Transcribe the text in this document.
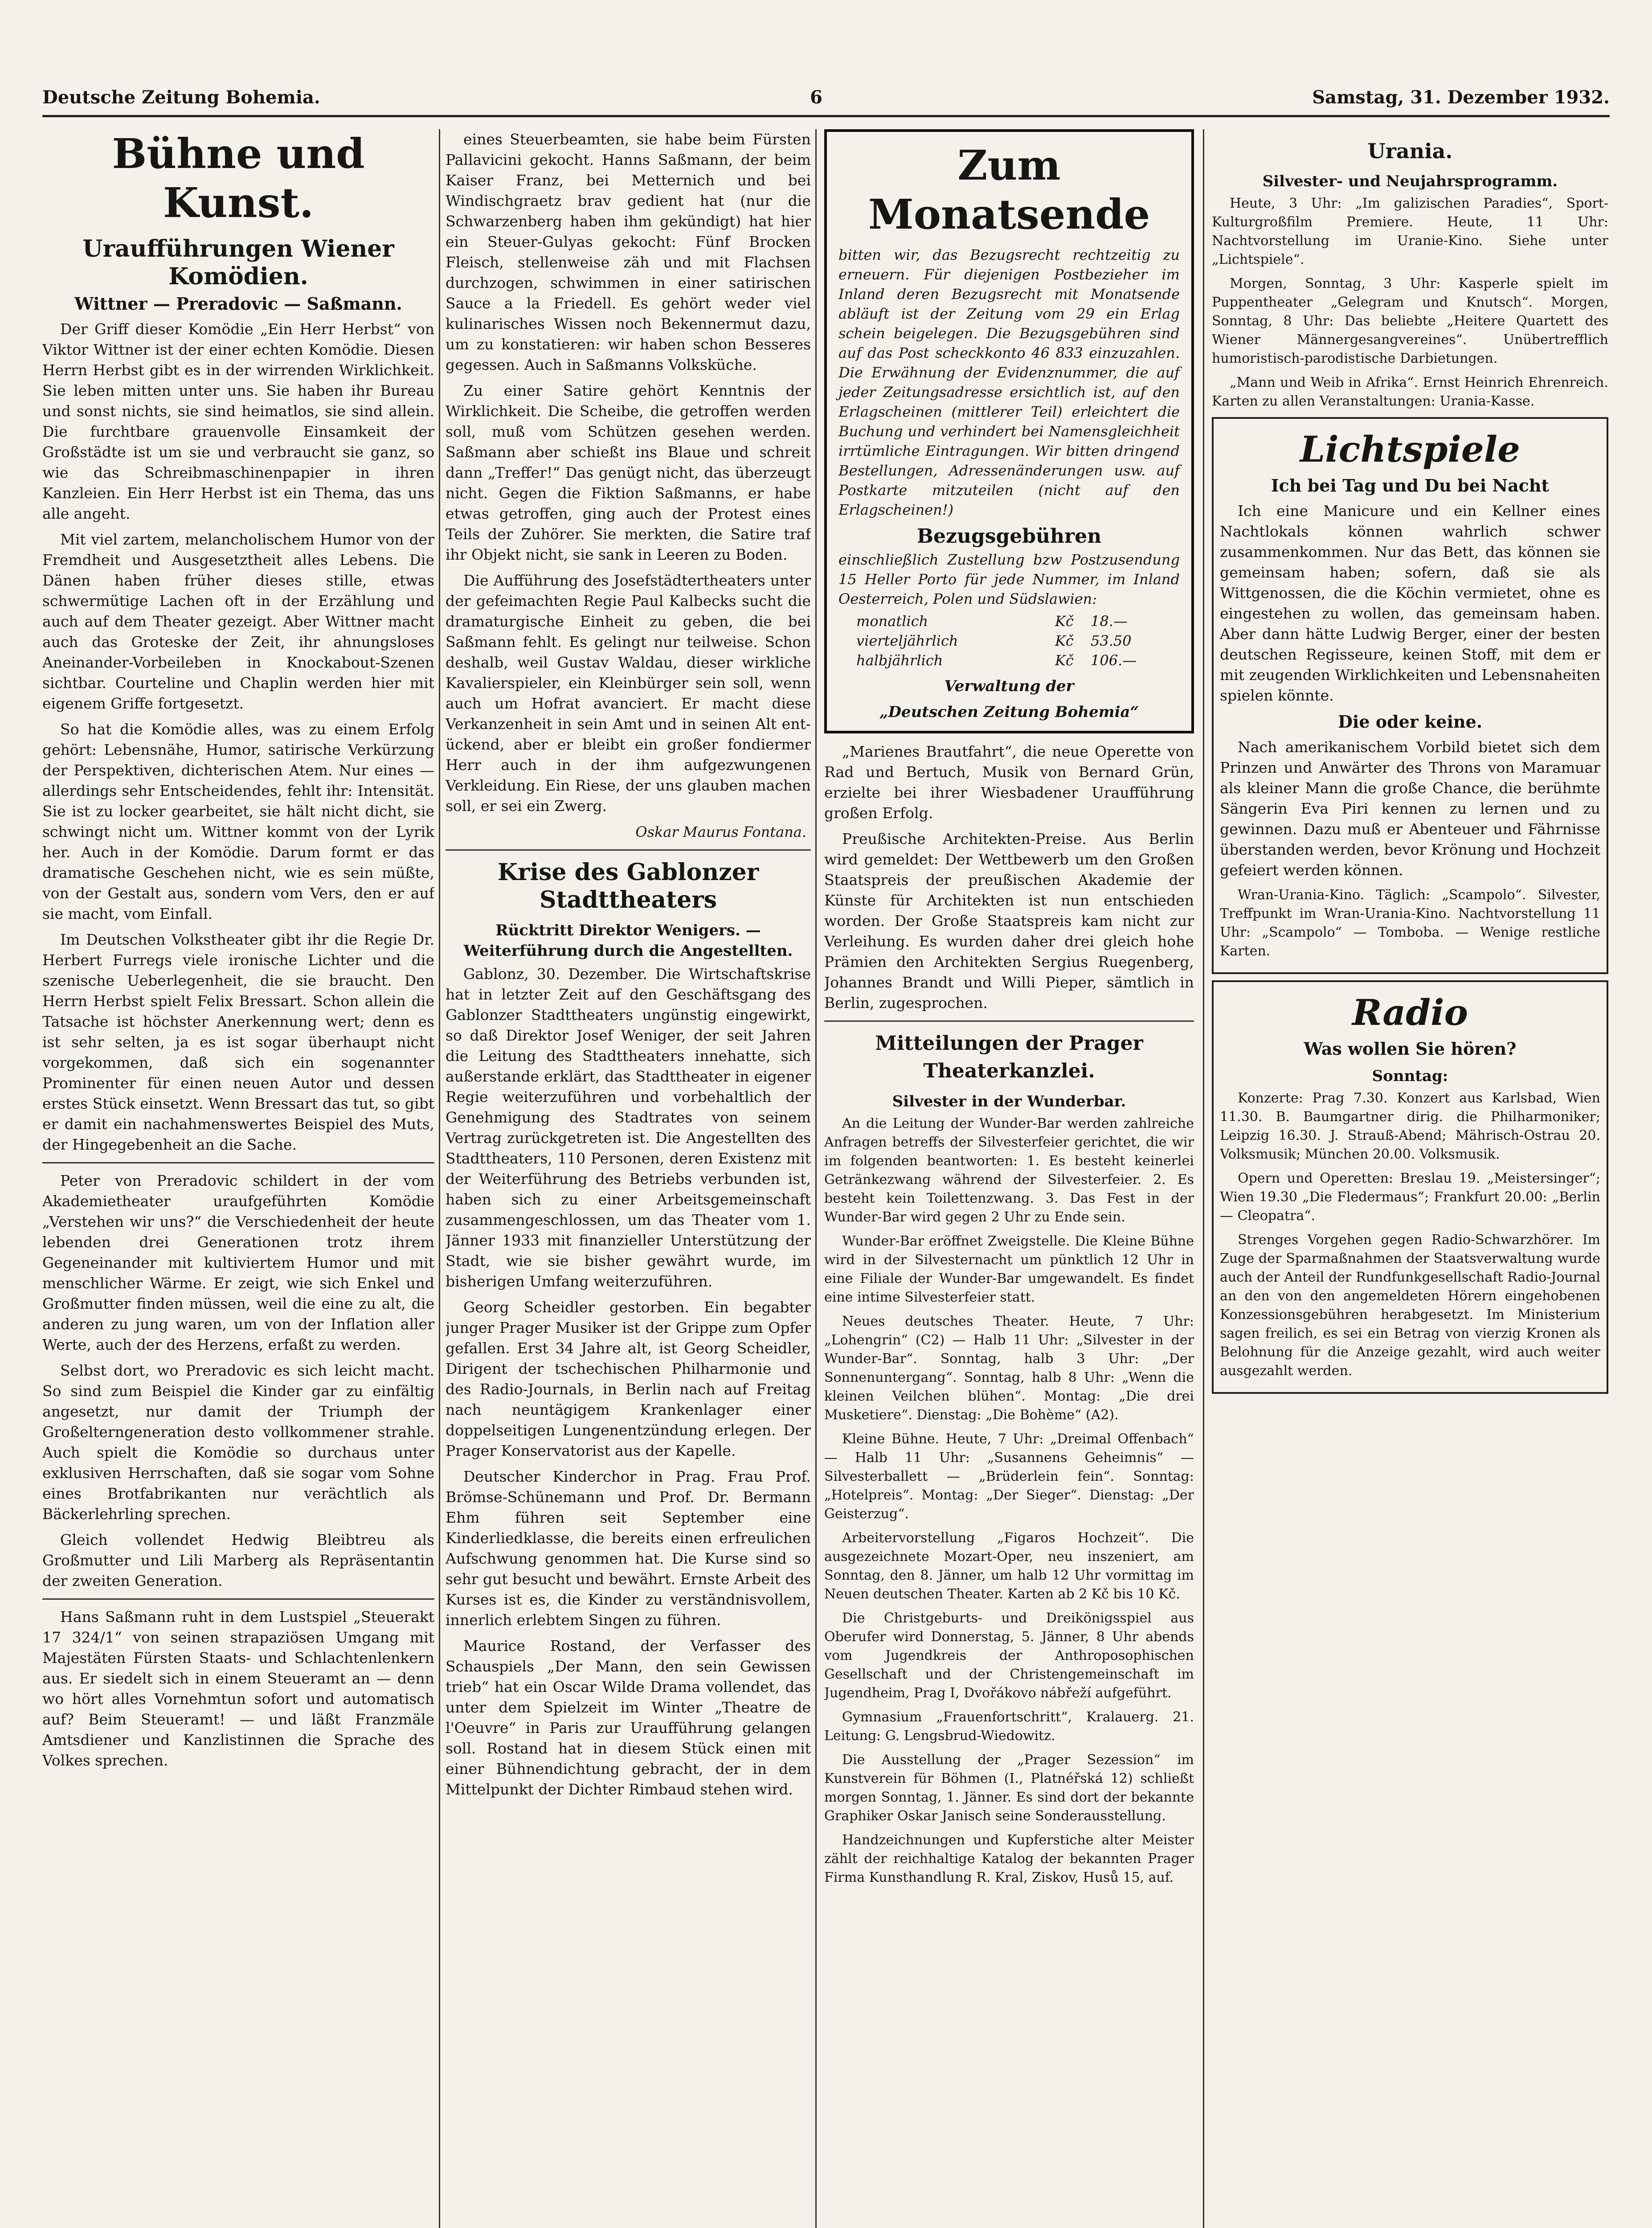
Deutsche Zeitung Bohemia.	6	Samstag, 31. Dezember 1932.
Bühne und Kunst.
Uraufführungen Wiener Komödien.
Wittner — Preradovic — Saßmann.

Der Griff dieser Komödie „Ein Herr Herbst“ von Viktor Wittner ist der einer echten Komödie. Diesen Herrn Herbst gibt es in der wirrenden Wirklichkeit. Sie leben mitten unter uns. Sie haben ihr Bureau und sonst nichts, sie sind heimatlos, sie sind allein. Die furchtbare grauenvolle Einsamkeit der Großstädte ist um sie und verbraucht sie ganz, so wie das Schreibmaschinenpapier in ihren Kanzleien. Ein Herr Herbst ist ein Thema, das uns alle angeht.

Mit viel zartem, melancholischem Humor von der Fremdheit und Ausgesetztheit alles Lebens. Die Dänen haben früher dieses stille, etwas schwermütige Lachen oft in der Erzählung und auch auf dem Theater gezeigt. Aber Wittner macht auch das Groteske der Zeit, ihr ahnungsloses Aneinander-Vorbeileben in Knockabout-Szenen sichtbar. Courteline und Chaplin werden hier mit eigenem Griffe fortgesetzt.

So hat die Komödie alles, was zu einem Erfolg gehört: Lebensnähe, Humor, satirische Verkürzung der Perspektiven, dichterischen Atem. Nur eines — allerdings sehr Entscheidendes, fehlt ihr: Intensität. Sie ist zu locker gearbeitet, sie hält nicht dicht, sie schwingt nicht um. Wittner kommt von der Lyrik her. Auch in der Komödie. Darum formt er das dramatische Geschehen nicht, wie es sein müßte, von der Gestalt aus, sondern vom Vers, den er auf sie macht, vom Einfall.

Im Deutschen Volkstheater gibt ihr die Regie Dr. Herbert Furregs viele ironische Lichter und die szenische Ueberlegenheit, die sie braucht. Den Herrn Herbst spielt Felix Bressart. Schon allein die Tatsache ist höchster Anerkennung wert; denn es ist sehr selten, ja es ist sogar überhaupt nicht vorgekommen, daß sich ein sogenannter Prominenter für einen neuen Autor und dessen erstes Stück einsetzt. Wenn Bressart das tut, so gibt er damit ein nachahmenswertes Beispiel des Muts, der Hingegebenheit an die Sache.

Peter von Preradovic schildert in der vom Akademietheater uraufgeführten Komödie „Verstehen wir uns?“ die Verschiedenheit der heute lebenden drei Generationen trotz ihrem Gegeneinander mit kultiviertem Humor und mit menschlicher Wärme. Er zeigt, wie sich Enkel und Großmutter finden müssen, weil die eine zu alt, die anderen zu jung waren, um von der Inflation aller Werte, auch der des Herzens, erfaßt zu werden.

Selbst dort, wo Preradovic es sich leicht macht. So sind zum Beispiel die Kinder gar zu einfältig angesetzt, nur damit der Triumph der Großelterngeneration desto vollkommener strahle. Auch spielt die Komödie so durchaus unter exklusiven Herrschaften, daß sie sogar vom Sohne eines Brotfabrikanten nur verächtlich als Bäckerlehrling sprechen.

Gleich vollendet Hedwig Bleibtreu als Großmutter und Lili Marberg als Repräsentantin der zweiten Generation.

Hans Saßmann ruht in dem Lustspiel „Steuerakt 17 324/1“ von seinen strapaziösen Umgang mit Majestäten Fürsten Staats- und Schlachtenlenkern aus. Er siedelt sich in einem Steueramt an — denn wo hört alles Vornehmtun sofort und automatisch auf? Beim Steueramt! — und läßt Franzmäle Amtsdiener und Kanzlistinnen die Sprache des Volkes sprechen.

eines Steuerbeamten, sie habe beim Fürsten Pallavicini gekocht. Hanns Saßmann, der beim Kaiser Franz, bei Metternich und bei Windischgraetz brav gedient hat (nur die Schwarzenberg haben ihm gekündigt) hat hier ein Steuer-Gulyas gekocht: Fünf Brocken Fleisch, stellenweise zäh und mit Flachsen durchzogen, schwimmen in einer satirischen Sauce a la Friedell. Es gehört weder viel kulinarisches Wissen noch Bekennermut dazu, um zu konstatieren: wir haben schon Besseres gegessen. Auch in Saßmanns Volksküche.

Zu einer Satire gehört Kenntnis der Wirklichkeit. Die Scheibe, die getroffen werden soll, muß vom Schützen gesehen werden. Saßmann aber schießt ins Blaue und schreit dann „Treffer!“ Das genügt nicht, das überzeugt nicht. Gegen die Fiktion Saßmanns, er habe etwas getroffen, ging auch der Protest eines Teils der Zuhörer. Sie merkten, die Satire traf ihr Objekt nicht, sie sank in Leeren zu Boden.

Die Aufführung des Josefstädtertheaters unter der gefeimachten Regie Paul Kalbecks sucht die dramaturgische Einheit zu geben, die bei Saßmann fehlt. Es gelingt nur teilweise. Schon deshalb, weil Gustav Waldau, dieser wirkliche Kavalierspieler, ein Kleinbürger sein soll, wenn auch um Hofrat avanciert. Er macht diese Verkanzenheit in sein Amt und in seinen Alt ent-ückend, aber er bleibt ein großer fondiermer Herr auch in der ihm aufgezwungenen Verkleidung. Ein Riese, der uns glauben machen soll, er sei ein Zwerg.

Oskar Maurus Fontana.
Krise des Gablonzer Stadttheaters
Rücktritt Direktor Wenigers. — Weiterführung durch die Angestellten.

Gablonz, 30. Dezember. Die Wirtschaftskrise hat in letzter Zeit auf den Geschäftsgang des Gablonzer Stadttheaters ungünstig eingewirkt, so daß Direktor Josef Weniger, der seit Jahren die Leitung des Stadttheaters innehatte, sich außerstande erklärt, das Stadttheater in eigener Regie weiterzuführen und vorbehaltlich der Genehmigung des Stadtrates von seinem Vertrag zurückgetreten ist. Die Angestellten des Stadttheaters, 110 Personen, deren Existenz mit der Weiterführung des Betriebs verbunden ist, haben sich zu einer Arbeitsgemeinschaft zusammengeschlossen, um das Theater vom 1. Jänner 1933 mit finanzieller Unterstützung der Stadt, wie sie bisher gewährt wurde, im bisherigen Umfang weiterzuführen.

Georg Scheidler gestorben. Ein begabter junger Prager Musiker ist der Grippe zum Opfer gefallen. Erst 34 Jahre alt, ist Georg Scheidler, Dirigent der tschechischen Philharmonie und des Radio-Journals, in Berlin nach auf Freitag nach neuntägigem Krankenlager einer doppelseitigen Lungenentzündung erlegen. Der Prager Konservatorist aus der Kapelle.

Deutscher Kinderchor in Prag. Frau Prof. Brömse-Schünemann und Prof. Dr. Bermann Ehm führen seit September eine Kinderliedklasse, die bereits einen erfreulichen Aufschwung genommen hat. Die Kurse sind so sehr gut besucht und bewährt. Ernste Arbeit des Kurses ist es, die Kinder zu verständnisvollem, innerlich erlebtem Singen zu führen.

Maurice Rostand, der Verfasser des Schauspiels „Der Mann, den sein Gewissen trieb“ hat ein Oscar Wilde Drama vollendet, das unter dem Spielzeit im Winter „Theatre de l'Oeuvre“ in Paris zur Uraufführung gelangen soll. Rostand hat in diesem Stück einen mit einer Bühnendichtung gebracht, der in dem Mittelpunkt der Dichter Rimbaud stehen wird.

Zum Monatsende
bitten wir, das Bezugsrecht rechtzeitig zu erneuern. Für diejenigen Postbezieher im Inland deren Bezugsrecht mit Monatsende abläuft ist der Zeitung vom 29 ein Erlag schein beigelegen. Die Bezugsgebühren sind auf das Post scheckkonto 46 833 einzuzahlen. Die Erwähnung der Evidenznummer, die auf jeder Zeitungsadresse ersichtlich ist, auf den Erlagscheinen (mittlerer Teil) erleichtert die Buchung und verhindert bei Namensgleichheit irrtümliche Eintragungen. Wir bitten dringend Bestellungen, Adressenänderungen usw. auf Postkarte mitzuteilen (nicht auf den Erlagscheinen!)
Bezugsgebühren
einschließlich Zustellung bzw Postzusendung 15 Heller Porto für jede Nummer, im Inland Oesterreich, Polen und Südslawien:
monatlich	Kč	18.—
vierteljährlich	Kč	53.50
halbjährlich	Kč	106.—
Verwaltung der
„Deutschen Zeitung Bohemia“

„Marienes Brautfahrt“, die neue Operette von Rad und Bertuch, Musik von Bernard Grün, erzielte bei ihrer Wiesbadener Uraufführung großen Erfolg.

Preußische Architekten-Preise. Aus Berlin wird gemeldet: Der Wettbewerb um den Großen Staatspreis der preußischen Akademie der Künste für Architekten ist nun entschieden worden. Der Große Staatspreis kam nicht zur Verleihung. Es wurden daher drei gleich hohe Prämien den Architekten Sergius Ruegenberg, Johannes Brandt und Willi Pieper, sämtlich in Berlin, zugesprochen.

Mitteilungen der Prager Theaterkanzlei.
Silvester in der Wunderbar.

An die Leitung der Wunder-Bar werden zahlreiche Anfragen betreffs der Silvesterfeier gerichtet, die wir im folgenden beantworten: 1. Es besteht keinerlei Getränkezwang während der Silvesterfeier. 2. Es besteht kein Toilettenzwang. 3. Das Fest in der Wunder-Bar wird gegen 2 Uhr zu Ende sein.

Wunder-Bar eröffnet Zweigstelle. Die Kleine Bühne wird in der Silvesternacht um pünktlich 12 Uhr in eine Filiale der Wunder-Bar umgewandelt. Es findet eine intime Silvesterfeier statt.

Neues deutsches Theater. Heute, 7 Uhr: „Lohengrin“ (C2) — Halb 11 Uhr: „Silvester in der Wunder-Bar“. Sonntag, halb 3 Uhr: „Der Sonnenuntergang“. Sonntag, halb 8 Uhr: „Wenn die kleinen Veilchen blühen“. Montag: „Die drei Musketiere“. Dienstag: „Die Bohème“ (A2).

Kleine Bühne. Heute, 7 Uhr: „Dreimal Offenbach“ — Halb 11 Uhr: „Susannens Geheimnis“ — Silvesterballett — „Brüderlein fein“. Sonntag: „Hotelpreis“. Montag: „Der Sieger“. Dienstag: „Der Geisterzug“.

Arbeitervorstellung „Figaros Hochzeit“. Die ausgezeichnete Mozart-Oper, neu inszeniert, am Sonntag, den 8. Jänner, um halb 12 Uhr vormittag im Neuen deutschen Theater. Karten ab 2 Kč bis 10 Kč.

Die Christgeburts- und Dreikönigsspiel aus Oberufer wird Donnerstag, 5. Jänner, 8 Uhr abends vom Jugendkreis der Anthroposophischen Gesellschaft und der Christengemeinschaft im Jugendheim, Prag I, Dvořákovo nábřeží aufgeführt.

Gymnasium „Frauenfortschritt“, Kralauerg. 21. Leitung: G. Lengsbrud-Wiedowitz.

Die Ausstellung der „Prager Sezession“ im Kunstverein für Böhmen (I., Platnéřská 12) schließt morgen Sonntag, 1. Jänner. Es sind dort der bekannte Graphiker Oskar Janisch seine Sonderausstellung.

Handzeichnungen und Kupferstiche alter Meister zählt der reichhaltige Katalog der bekannten Prager Firma Kunsthandlung R. Kral, Ziskov, Husů 15, auf.

Urania.
Silvester- und Neujahrsprogramm.

Heute, 3 Uhr: „Im galizischen Paradies“, Sport-Kulturgroßfilm Premiere. Heute, 11 Uhr: Nachtvorstellung im Uranie-Kino. Siehe unter „Lichtspiele“.

Morgen, Sonntag, 3 Uhr: Kasperle spielt im Puppentheater „Gelegram und Knutsch“. Morgen, Sonntag, 8 Uhr: Das beliebte „Heitere Quartett des Wiener Männergesangvereines“. Unübertrefflich humoristisch-parodistische Darbietungen.

„Mann und Weib in Afrika“. Ernst Heinrich Ehrenreich. Karten zu allen Veranstaltungen: Urania-Kasse.

Lichtspiele
Ich bei Tag und Du bei Nacht

Ich eine Manicure und ein Kellner eines Nachtlokals können wahrlich schwer zusammenkommen. Nur das Bett, das können sie gemeinsam haben; sofern, daß sie als Wittgenossen, die die Köchin vermietet, ohne es eingestehen zu wollen, das gemeinsam haben. Aber dann hätte Ludwig Berger, einer der besten deutschen Regisseure, keinen Stoff, mit dem er mit zeugenden Wirklichkeiten und Lebensnaheiten spielen könnte.

Die oder keine.

Nach amerikanischem Vorbild bietet sich dem Prinzen und Anwärter des Throns von Maramuar als kleiner Mann die große Chance, die berühmte Sängerin Eva Piri kennen zu lernen und zu gewinnen. Dazu muß er Abenteuer und Fährnisse überstanden werden, bevor Krönung und Hochzeit gefeiert werden können.

Wran-Urania-Kino. Täglich: „Scampolo“. Silvester, Treffpunkt im Wran-Urania-Kino. Nachtvorstellung 11 Uhr: „Scampolo“ — Tomboba. — Wenige restliche Karten.

Radio
Was wollen Sie hören?
Sonntag:

Konzerte: Prag 7.30. Konzert aus Karlsbad, Wien 11.30. B. Baumgartner dirig. die Philharmoniker; Leipzig 16.30. J. Strauß-Abend; Mährisch-Ostrau 20. Volksmusik; München 20.00. Volksmusik.

Opern und Operetten: Breslau 19. „Meistersinger“; Wien 19.30 „Die Fledermaus“; Frankfurt 20.00: „Berlin — Cleopatra“.

Strenges Vorgehen gegen Radio-Schwarzhörer. Im Zuge der Sparmaßnahmen der Staatsverwaltung wurde auch der Anteil der Rundfunkgesellschaft Radio-Journal an den von den angemeldeten Hörern eingehobenen Konzessionsgebühren herabgesetzt. Im Ministerium sagen freilich, es sei ein Betrag von vierzig Kronen als Belohnung für die Anzeige gezahlt, wird auch weiter ausgezahlt werden.
